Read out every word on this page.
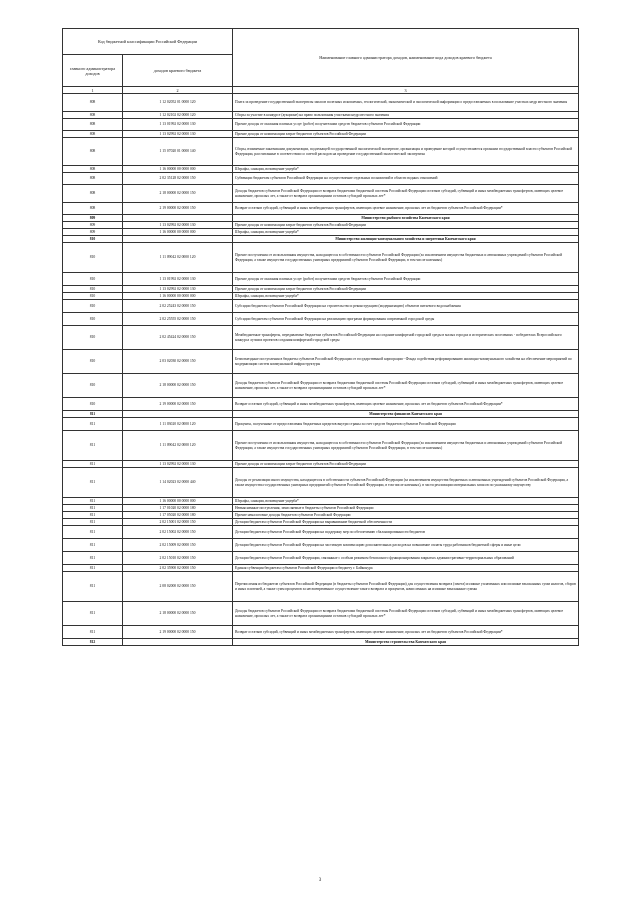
Код бюджетной классификации Российской Федерации		Наименование главного администратора доходов, наименование кода доходов краевого бюджета
главного администратора доходов	доходов краевого бюджета	
1	2	3
808	1 12 02052 01 0000 120	Плата за проведение государственной экспертизы запасов полезных ископаемых, геологической, экономической и экологической информации о предоставляемых в пользование участках недр местного значения
808	1 12 02102 02 0000 120	Сборы за участие в конкурсе (аукционе) на право пользования участками недр местного значения
808	1 13 01992 02 0000 130	Прочие доходы от оказания платных услуг (работ) получателями средств бюджетов субъектов Российской Федерации
808	1 13 02992 02 0000 130	Прочие доходы от компенсации затрат бюджетов субъектов Российской Федерации
808	1 15 07020 01 0000 140	Сборы, взимаемые заказчиками документации, подлежащей государственной экологической экспертизе, организация и проведение которой осуществляются органами государственной власти субъектов Российской Федерации, рассчитанные в соответствии со сметой расходов на проведение государственной экологической экспертизы
808	1 16 00000 00 0000 000	Штрафы, санкции, возмещение ущерба*
808	2 02 35128 02 0000 150	Субвенции бюджетам субъектов Российской Федерации на осуществление отдельных полномочий в области водных отношений
808	2 18 00000 02 0000 150	Доходы бюджетов субъектов Российской Федерации от возврата бюджетами бюджетной системы Российской Федерации остатков субсидий, субвенций и иных межбюджетных трансфертов, имеющих целевое назначение, прошлых лет, а также от возврата организациями остатков субсидий прошлых лет*
808	2 19 00000 02 0000 150	Возврат остатков субсидий, субвенций и иных межбюджетных трансфертов, имеющих целевое назначение, прошлых лет из бюджетов субъектов Российской Федерации*
809		Министерство рыбного хозяйства Камчатского края
809	1 13 02992 02 0000 130	Прочие доходы от компенсации затрат бюджетов субъектов Российской Федерации
809	1 16 00000 00 0000 000	Штрафы, санкции, возмещение ущерба*
810		Министерство жилищно-коммунального хозяйства и энергетики Камчатского края
810	1 11 09042 02 0000 120	Прочие поступления от использования имущества, находящегося в собственности субъектов Российской Федерации (за исключением имущества бюджетных и автономных учреждений субъектов Российской Федерации, а также имущества государственных унитарных предприятий субъектов Российской Федерации, в том числе казенных)
810	1 13 01992 02 0000 130	Прочие доходы от оказания платных услуг (работ) получателями средств бюджетов субъектов Российской Федерации
810	1 13 02992 02 0000 130	Прочие доходы от компенсации затрат бюджетов субъектов Российской Федерации
810	1 16 00000 00 0000 000	Штрафы, санкции, возмещение ущерба*
810	2 02 25243 02 0000 150	Субсидии бюджетам субъектов Российской Федерации на строительство и реконструкцию (модернизацию) объектов питьевого водоснабжения
810	2 02 25555 02 0000 150	Субсидии бюджетам субъектов Российской Федерации на реализацию программ формирования современной городской среды
810	2 02 45424 02 0000 150	Межбюджетные трансферты, передаваемые бюджетам субъектов Российской Федерации на создание комфортной городской среды в малых городах и исторических поселениях - победителях Всероссийского конкурса лучших проектов создания комфортной городской среды
810	2 03 02030 02 0000 150	Безвозмездные поступления в бюджеты субъектов Российской Федерации от государственной корпорации - Фонда содействия реформированию жилищно-коммунального хозяйства на обеспечение мероприятий по модернизации систем коммунальной инфраструктуры
810	2 18 00000 02 0000 150	Доходы бюджетов субъектов Российской Федерации от возврата бюджетами бюджетной системы Российской Федерации остатков субсидий, субвенций и иных межбюджетных трансфертов, имеющих целевое назначение, прошлых лет, а также от возврата организациями остатков субсидий прошлых лет*
810	2 19 00000 02 0000 150	Возврат остатков субсидий, субвенций и иных межбюджетных трансфертов, имеющих целевое назначение, прошлых лет из бюджетов субъектов Российской Федерации*
811		Министерство финансов Камчатского края
811	1 11 03020 02 0000 120	Проценты, полученные от предоставления бюджетных кредитов внутри страны за счет средств бюджетов субъектов Российской Федерации
811	1 11 09042 02 0000 120	Прочие поступления от использования имущества, находящегося в собственности субъектов Российской Федерации (за исключением имущества бюджетных и автономных учреждений субъектов Российской Федерации, а также имущества государственных унитарных предприятий субъектов Российской Федерации, в том числе казенных)
811	1 13 02992 02 0000 130	Прочие доходы от компенсации затрат бюджетов субъектов Российской Федерации
811	1 14 02023 02 0000 440	Доходы от реализации иного имущества, находящегося в собственности субъектов Российской Федерации (за исключением имущества бюджетных и автономных учреждений субъектов Российской Федерации, а также имущества государственных унитарных предприятий субъектов Российской Федерации, в том числе казенных), в части реализации материальных запасов по указанному имуществу
811	1 16 00000 00 0000 000	Штрафы, санкции, возмещение ущерба*
811	1 17 01020 02 0000 180	Невыясненные поступления, зачисляемые в бюджеты субъектов Российской Федерации
811	1 17 05020 02 0000 180	Прочие неналоговые доходы бюджетов субъектов Российской Федерации
811	2 02 15001 02 0000 150	Дотации бюджетам субъектов Российской Федерации на выравнивание бюджетной обеспеченности
811	2 02 15002 02 0000 150	Дотации бюджетам субъектов Российской Федерации на поддержку мер по обеспечению сбалансированности бюджетов
811	2 02 15009 02 0000 150	Дотации бюджетам субъектов Российской Федерации на частичную компенсацию дополнительных расходов на повышение оплаты труда работников бюджетной сферы и иные цели
811	2 02 15010 02 0000 150	Дотации бюджетам субъектов Российской Федерации, связанные с особым режимом безопасного функционирования закрытых административно-территориальных образований
811	2 02 35900 02 0000 150	Единая субвенция бюджетам субъектов Российской Федерации и бюджету г. Байконура
811	2 08 02000 02 0000 150	Перечисления из бюджетов субъектов Российской Федерации (в бюджеты субъектов Российской Федерации) для осуществления возврата (зачета) излишне уплаченных или излишне взысканных сумм налогов, сборов и иных платежей, а также сумм процентов за несвоевременное осуществление такого возврата и процентов, начисленных на излишне взысканные суммы
811	2 18 00000 02 0000 150	Доходы бюджетов субъектов Российской Федерации от возврата бюджетами бюджетной системы Российской Федерации остатков субсидий, субвенций и иных межбюджетных трансфертов, имеющих целевое назначение, прошлых лет, а также от возврата организациями остатков субсидий прошлых лет*
811	2 19 00000 02 0000 150	Возврат остатков субсидий, субвенций и иных межбюджетных трансфертов, имеющих целевое назначение, прошлых лет из бюджетов субъектов Российской Федерации*
812		Министерство строительства Камчатского края
3
